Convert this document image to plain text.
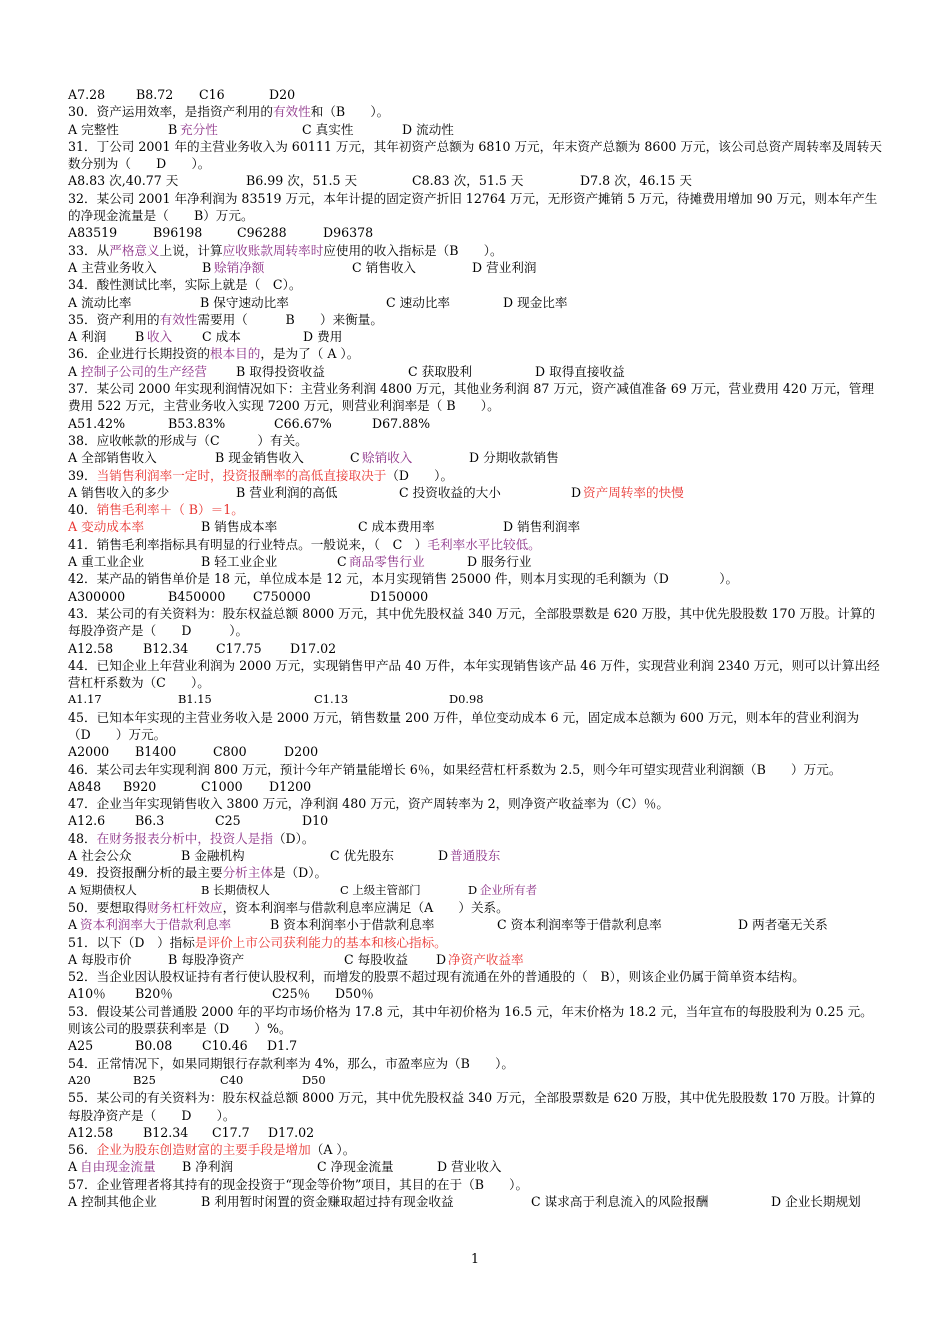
A7.28 B8.72 C16	D20
30．资产运用效率，是指资产利用的有效性和（B　　）。
A 完整性	B充分性	C 真实性	D 流动性
31．丁公司 2001 年的主营业务收入为 60111 万元，其年初资产总额为 6810 万元，年末资产总额为 8600 万元，该公司总资产周转率及周转天数分别为（　　D　　）。
A8.83 次,40.77 天	B6.99 次，51.5 天	C8.83 次，51.5 天	D7.8 次，46.15 天
32．某公司 2001 年净利润为 83519 万元，本年计提的固定资产折旧 12764 万元，无形资产摊销 5 万元，待摊费用增加 90 万元，则本年产生的净现金流量是（　　B）万元。
A83519	B96198	C96288	D96378
33．从严格意义上说，计算应收账款周转率时应使用的收入指标是（B　　）。
A 主营业务收入	B赊销净额	C 销售收入	D 营业利润
34．酸性测试比率，实际上就是（　C）。
A 流动比率	B 保守速动比率	C 速动比率	D 现金比率
35．资产利用的有效性需要用（　　　B　　）来衡量。
A 利润 B收入 C 成本	D 费用
36．企业进行长期投资的根本目的，是为了（ A ）。
A控制子公司的生产经营 B 取得投资收益	C 获取股利	D 取得直接收益
37．某公司 2000 年实现利润情况如下：主营业务利润 4800 万元，其他业务利润 87 万元，资产减值准备 69 万元，营业费用 420 万元，管理费用 522 万元，主营业务收入实现 7200 万元，则营业利润率是（ B　　）。
A51.42%	B53.83%	C66.67%	D67.88%
38．应收帐款的形成与（C　　　）有关。
A 全部销售收入	B 现金销售收入	C赊销收入	D 分期收款销售
39．当销售利润率一定时，投资报酬率的高低直接取决于（D　　）。
A 销售收入的多少	B 营业利润的高低	C 投资收益的大小	D资产周转率的快慢
40．销售毛利率＋（ B）＝1。
A 变动成本率	B 销售成本率	C 成本费用率	D 销售利润率
41．销售毛利率指标具有明显的行业特点。一般说来，（　C　）毛利率水平比较低。
A 重工业企业	B 轻工业企业	C商品零售行业	D 服务行业
42．某产品的销售单价是 18 元，单位成本是 12 元，本月实现销售 25000 件，则本月实现的毛利额为（D　　　　）。
A300000	B450000 C750000	D150000
43．某公司的有关资料为：股东权益总额 8000 万元，其中优先股权益 340 万元，全部股票数是 620 万股，其中优先股股数 170 万股。计算的每股净资产是（　　D　　　）。
A12.58 B12.34 C17.75 D17.02
44．已知企业上年营业利润为 2000 万元，实现销售甲产品 40 万件，本年实现销售该产品 46 万件，实现营业利润 2340 万元，则可以计算出经营杠杆系数为（C　　）。
A1.17	B1.15	C1.13	D0.98
45．已知本年实现的主营业务收入是 2000 万元，销售数量 200 万件，单位变动成本 6 元，固定成本总额为 600 万元，则本年的营业利润为（D　　）万元。
A2000 B1400	C800	D200
46．某公司去年实现利润 800 万元，预计今年产销量能增长 6％，如果经营杠杆系数为 2.5，则今年可望实现营业利润额（B　　）万元。
A848 B920	C1000 D1200
47．企业当年实现销售收入 3800 万元，净利润 480 万元，资产周转率为 2，则净资产收益率为（C）％。
A12.6 B6.3	C25	D10
48．在财务报表分析中，投资人是指（D）。
A 社会公众	B 金融机构	C 优先股东	D普通股东
49．投资报酬分析的最主要分析主体是（D）。
A 短期债权人	B 长期债权人	C 上级主管部门	D企业所有者
50．要想取得财务杠杆效应，资本利润率与借款利息率应满足（A　　）关系。
A资本利润率大于借款利息率	B 资本利润率小于借款利息率	C 资本利润率等于借款利息率	D 两者毫无关系
51．以下（D　）指标是评价上市公司获利能力的基本和核心指标。
A 每股市价	B 每股净资产	C 每股收益 D净资产收益率
52．当企业因认股权证持有者行使认股权利，而增发的股票不超过现有流通在外的普通股的（　B），则该企业仍属于简单资本结构。
A10％ B20％	C25％ D50％
53．假设某公司普通股 2000 年的平均市场价格为 17.8 元，其中年初价格为 16.5 元，年末价格为 18.2 元，当年宣布的每股股利为 0.25 元。则该公司的股票获利率是（D　　）%。
A25	B0.08 C10.46 D1.7
54．正常情况下，如果同期银行存款利率为 4%，那么，市盈率应为（B　　）。
A20	B25	C40	D50
55．某公司的有关资料为：股东权益总额 8000 万元，其中优先股权益 340 万元，全部股票数是 620 万股，其中优先股股数 170 万股。计算的每股净资产是（　　D　　）。
A12.58 B12.34 C17.7 D17.02
56．企业为股东创造财富的主要手段是增加（A ）。
A自由现金流量 B 净利润	C 净现金流量	D 营业收入
57．企业管理者将其持有的现金投资于“现金等价物”项目，其目的在于（B　　）。
A 控制其他企业	B 利用暂时闲置的资金赚取超过持有现金收益	C 谋求高于利息流入的风险报酬	D 企业长期规划
1
